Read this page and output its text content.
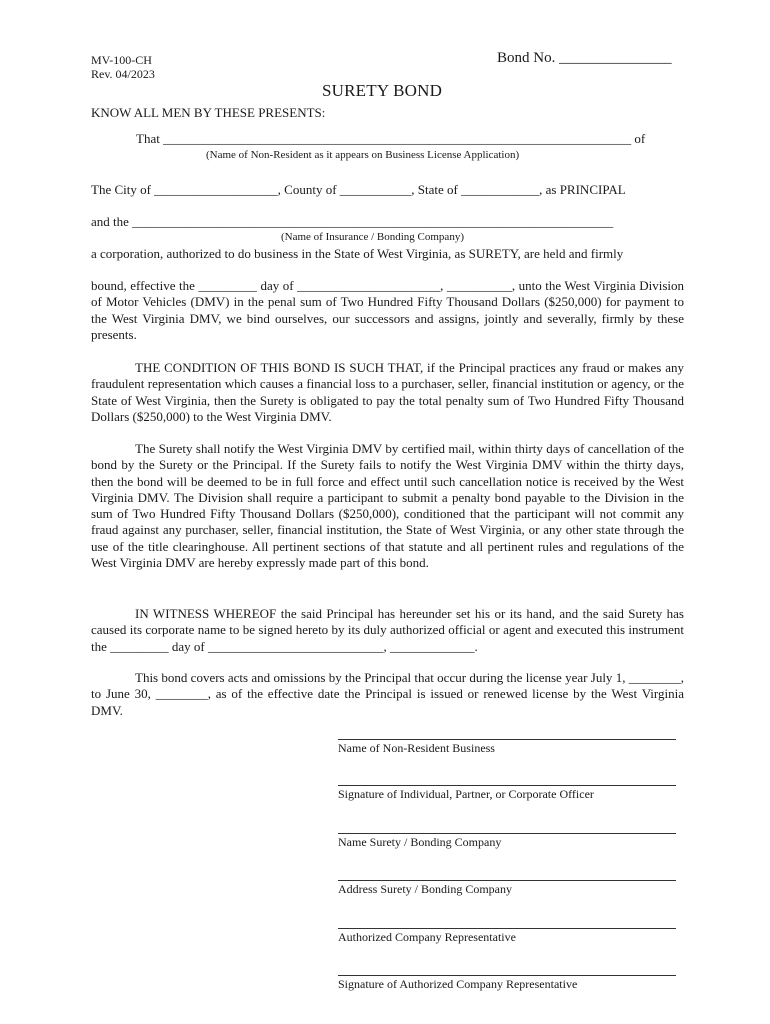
MV-100-CH
Rev. 04/2023
Bond No. _______________
SURETY BOND
KNOW ALL MEN BY THESE PRESENTS:
That ________________________________________________________________________ of
(Name of Non-Resident as it appears on Business License Application)
The City of ___________________, County of ___________, State of ____________, as PRINCIPAL
and the __________________________________________________________________________
(Name of Insurance / Bonding Company)
a corporation, authorized to do business in the State of West Virginia, as SURETY, are held and firmly

bound, effective the _________ day of ______________________, __________, unto the West Virginia Division of Motor Vehicles (DMV) in the penal sum of Two Hundred Fifty Thousand Dollars ($250,000) for payment to the West Virginia DMV, we bind ourselves, our successors and assigns, jointly and severally, firmly by these presents.

THE CONDITION OF THIS BOND IS SUCH THAT, if the Principal practices any fraud or makes any fraudulent representation which causes a financial loss to a purchaser, seller, financial institution or agency, or the State of West Virginia, then the Surety is obligated to pay the total penalty sum of Two Hundred Fifty Thousand Dollars ($250,000) to the West Virginia DMV.

The Surety shall notify the West Virginia DMV by certified mail, within thirty days of cancellation of the bond by the Surety or the Principal. If the Surety fails to notify the West Virginia DMV within the thirty days, then the bond will be deemed to be in full force and effect until such cancellation notice is received by the West Virginia DMV. The Division shall require a participant to submit a penalty bond payable to the Division in the sum of Two Hundred Fifty Thousand Dollars ($250,000), conditioned that the participant will not commit any fraud against any purchaser, seller, financial institution, the State of West Virginia, or any other state through the use of the title clearinghouse. All pertinent sections of that statute and all pertinent rules and regulations of the West Virginia DMV are hereby expressly made part of this bond.

IN WITNESS WHEREOF the said Principal has hereunder set his or its hand, and the said Surety has caused its corporate name to be signed hereto by its duly authorized official or agent and executed this instrument the _________ day of ___________________________, _____________.

This bond covers acts and omissions by the Principal that occur during the license year July 1, ________, to June 30, ________, as of the effective date the Principal is issued or renewed license by the West Virginia DMV.

Name of Non-Resident Business
Signature of Individual, Partner, or Corporate Officer
Name Surety / Bonding Company
Address Surety / Bonding Company
Authorized Company Representative
Signature of Authorized Company Representative
